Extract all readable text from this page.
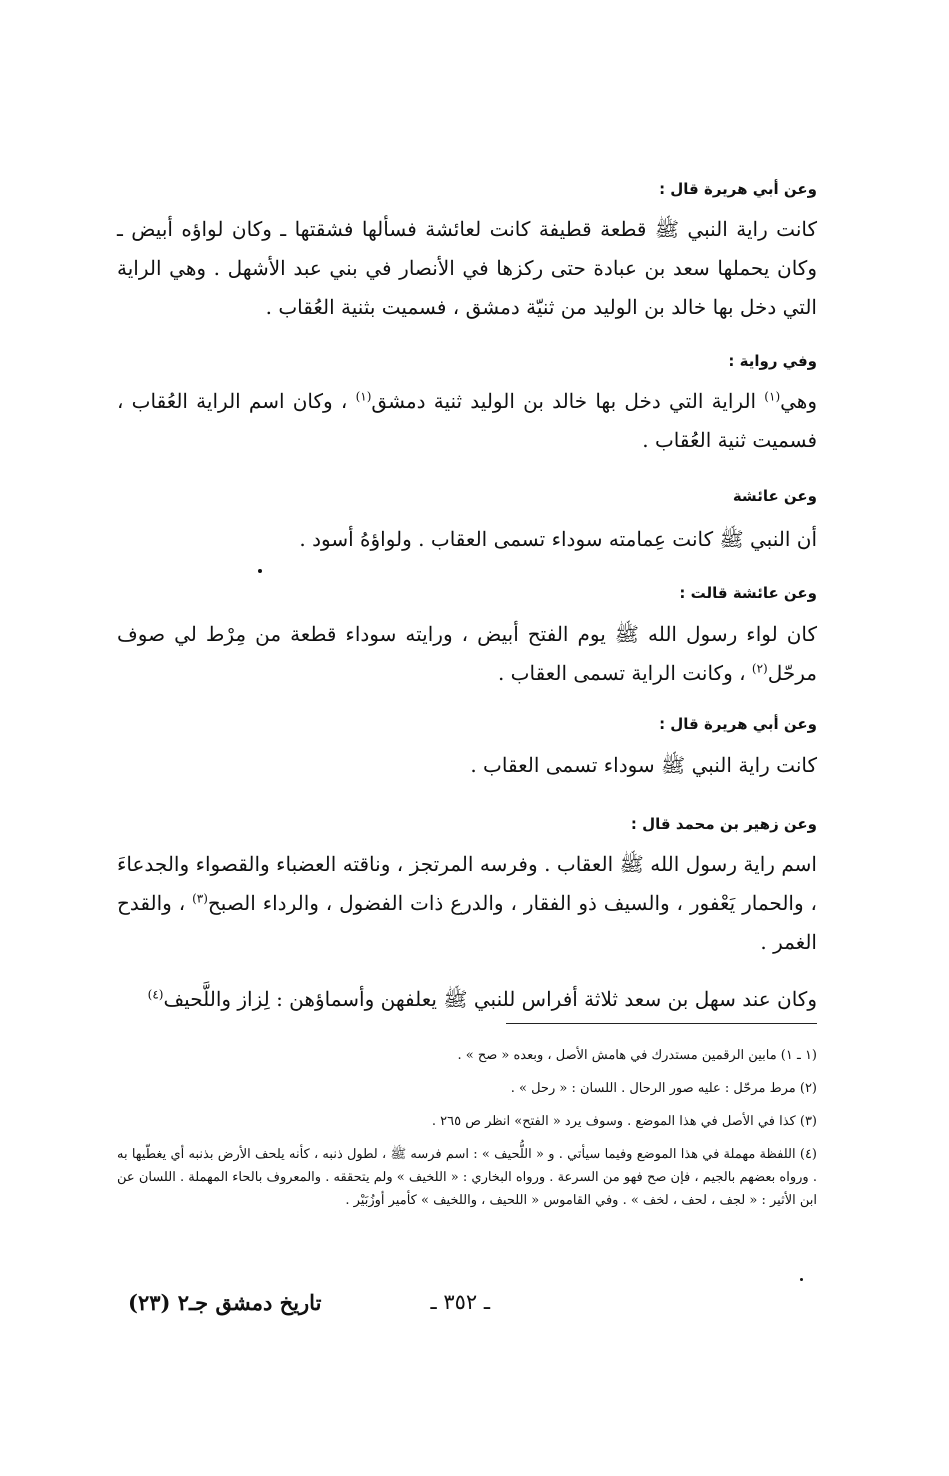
وعن أبي هريرة قال :
كانت راية النبي ﷺ قطعة قطيفة كانت لعائشة فسألها فشقتها ـ وكان لواؤه أبيض ـ وكان يحملها سعد بن عبادة حتى ركزها في الأنصار في بني عبد الأشهل . وهي الراية التي دخل بها خالد بن الوليد من ثنيّة دمشق ، فسميت بثنية العُقاب .
وفي رواية :
وهي$^{(١)}$ الراية التي دخل بها خالد بن الوليد ثنية دمشق$^{(١)}$ ، وكان اسم الراية العُقاب ، فسميت ثنية العُقاب .
وعن عائشة
أن النبي ﷺ كانت عِمامته سوداء تسمى العقاب . ولواؤهُ أسود .
وعن عائشة قالت :
كان لواء رسول الله ﷺ يوم الفتح أبيض ، ورايته سوداء قطعة من مِرْط لي صوف مرحّل$^{(٢)}$ ، وكانت الراية تسمى العقاب .
وعن أبي هريرة قال :
كانت راية النبي ﷺ سوداء تسمى العقاب .
وعن زهير بن محمد قال :
اسم راية رسول الله ﷺ العقاب . وفرسه المرتجز ، وناقته العضباء والقصواء والجدعاءَ ، والحمار يَعْفور ، والسيف ذو الفقار ، والدرع ذات الفضول ، والرداء الصبح$^{(٣)}$ ، والقدح الغمر .
وكان عند سهل بن سعد ثلاثة أفراس للنبي ﷺ يعلفهن وأسماؤهن : لِزاز واللَّحيف$^{(٤)}$

(١ ـ ١) مابين الرقمين مستدرك في هامش الأصل ، وبعده « صح » .

(٢) مرط مرحّل : عليه صور الرحال . اللسان : « رحل » .

(٣) كذا في الأصل في هذا الموضع . وسوف يرد « الفتح» انظر ص ٢٦٥ .

(٤) اللفظة مهملة في هذا الموضع وفيما سيأتي . و « اللُّحيف » : اسم فرسه ﷺ ، لطول ذنبه ، كأنه يلحف الأرض بذنبه أي يغطّيها به . ورواه بعضهم بالجيم ، فإن صح فهو من السرعة . ورواه البخاري : « اللخيف » ولم يتحققه . والمعروف بالحاء المهملة . اللسان عن ابن الأثير : « لجف ، لحف ، لخف » . وفي القاموس « اللحيف ، واللخيف » كأمير أوزُبَيْر .

ـ ٣٥٢ ـ
تاريخ دمشق جـ٢ (٢٣)
